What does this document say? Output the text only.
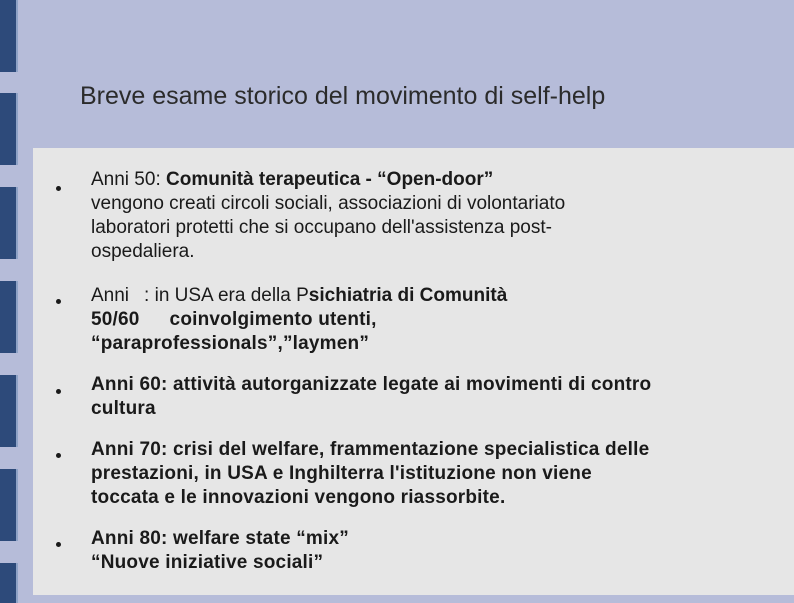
Breve esame storico del movimento di self-help
Anni 50: Comunità terapeutica - “Open-door”
vengono creati circoli sociali, associazioni di volontariato
laboratori protetti che si occupano dell'assistenza post-
ospedaliera.
Anni : in USA era della Psichiatria di Comunità
50/60 coinvolgimento utenti,
“paraprofessionals”,”laymen”
Anni 60: attività autorganizzate legate ai movimenti di contro
cultura
Anni 70: crisi del welfare, frammentazione specialistica delle
prestazioni, in USA e Inghilterra l'istituzione non viene
toccata e le innovazioni vengono riassorbite.
Anni 80: welfare state “mix”
“Nuove iniziative sociali”
